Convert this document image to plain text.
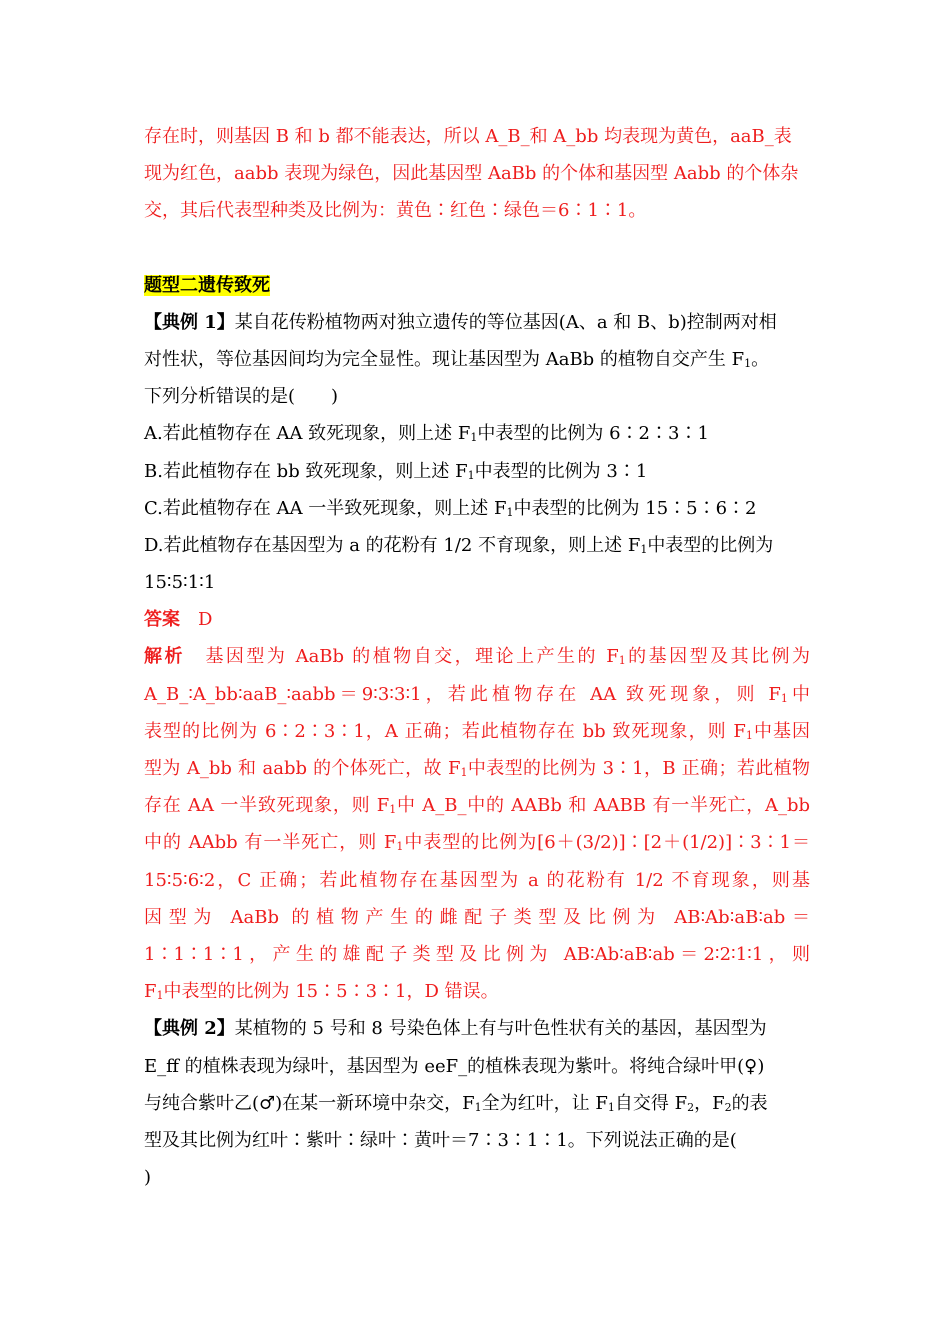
存在时，则基因 B 和 b 都不能表达，所以 A_B_和 A_bb 均表现为黄色，aaB_表
现为红色，aabb 表现为绿色，因此基因型 AaBb 的个体和基因型 Aabb 的个体杂
交，其后代表型种类及比例为：黄色∶红色∶绿色＝6∶1∶1。
题型二遗传致死
【典例 1】某自花传粉植物两对独立遗传的等位基因(A、a 和 B、b)控制两对相
对性状，等位基因间均为完全显性。现让基因型为 AaBb 的植物自交产生 $F_1$。
下列分析错误的是(　　)
A.若此植物存在 AA 致死现象，则上述 $F_1$中表型的比例为 6∶2∶3∶1
B.若此植物存在 bb 致死现象，则上述 $F_1$中表型的比例为 3∶1
C.若此植物存在 AA 一半致死现象，则上述 $F_1$中表型的比例为 15∶5∶6∶2
D.若此植物存在基因型为 a 的花粉有 1/2 不育现象，则上述 $F_1$中表型的比例为
15∶5∶1∶1
答案　 D
解析　 基因型为 AaBb 的植物自交，理论上产生的 $F_1$的基因型及其比例为
A_B_∶A_bb∶aaB_∶aabb＝9∶3∶3∶1，若此植物存在 AA 致死现象，则 $F_1$中
表型的比例为 6∶2∶3∶1，A 正确；若此植物存在 bb 致死现象，则 $F_1$中基因
型为 A_bb 和 aabb 的个体死亡，故 $F_1$中表型的比例为 3∶1，B 正确；若此植物
存在 AA 一半致死现象，则 $F_1$中 A_B_中的 AABb 和 AABB 有一半死亡，A_bb
中的 AAbb 有一半死亡，则 $F_1$中表型的比例为[6＋(3/2)]∶[2＋(1/2)]∶3∶1＝
15∶5∶6∶2，C 正确；若此植物存在基因型为 a 的花粉有 1/2 不育现象，则基
因型为 AaBb 的植物产生的雌配子类型及比例为 AB∶Ab∶aB∶ab＝
1∶1∶1∶1，产生的雄配子类型及比例为 AB∶Ab∶aB∶ab＝2∶2∶1∶1，则
$F_1$中表型的比例为 15∶5∶3∶1，D 错误。
【典例 2】某植物的 5 号和 8 号染色体上有与叶色性状有关的基因，基因型为
E_ff 的植株表现为绿叶，基因型为 eeF_的植株表现为紫叶。将纯合绿叶甲(♀)
与纯合紫叶乙(♂)在某一新环境中杂交，$F_1$全为红叶，让 $F_1$自交得 $F_2$，$F_2$的表
型及其比例为红叶∶紫叶∶绿叶∶黄叶＝7∶3∶1∶1。下列说法正确的是(
)
